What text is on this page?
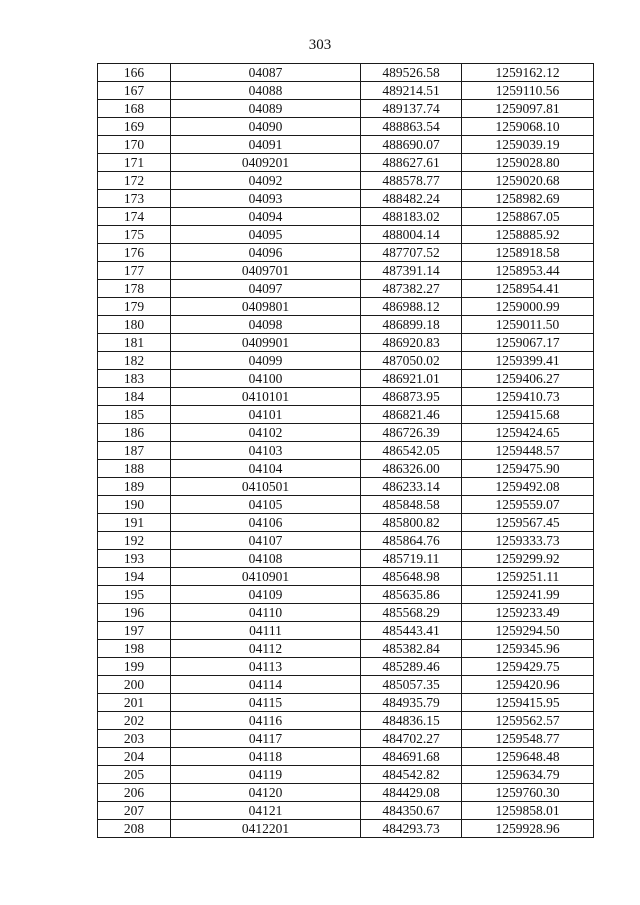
303
166	04087	489526.58	1259162.12
167	04088	489214.51	1259110.56
168	04089	489137.74	1259097.81
169	04090	488863.54	1259068.10
170	04091	488690.07	1259039.19
171	0409201	488627.61	1259028.80
172	04092	488578.77	1259020.68
173	04093	488482.24	1258982.69
174	04094	488183.02	1258867.05
175	04095	488004.14	1258885.92
176	04096	487707.52	1258918.58
177	0409701	487391.14	1258953.44
178	04097	487382.27	1258954.41
179	0409801	486988.12	1259000.99
180	04098	486899.18	1259011.50
181	0409901	486920.83	1259067.17
182	04099	487050.02	1259399.41
183	04100	486921.01	1259406.27
184	0410101	486873.95	1259410.73
185	04101	486821.46	1259415.68
186	04102	486726.39	1259424.65
187	04103	486542.05	1259448.57
188	04104	486326.00	1259475.90
189	0410501	486233.14	1259492.08
190	04105	485848.58	1259559.07
191	04106	485800.82	1259567.45
192	04107	485864.76	1259333.73
193	04108	485719.11	1259299.92
194	0410901	485648.98	1259251.11
195	04109	485635.86	1259241.99
196	04110	485568.29	1259233.49
197	04111	485443.41	1259294.50
198	04112	485382.84	1259345.96
199	04113	485289.46	1259429.75
200	04114	485057.35	1259420.96
201	04115	484935.79	1259415.95
202	04116	484836.15	1259562.57
203	04117	484702.27	1259548.77
204	04118	484691.68	1259648.48
205	04119	484542.82	1259634.79
206	04120	484429.08	1259760.30
207	04121	484350.67	1259858.01
208	0412201	484293.73	1259928.96
